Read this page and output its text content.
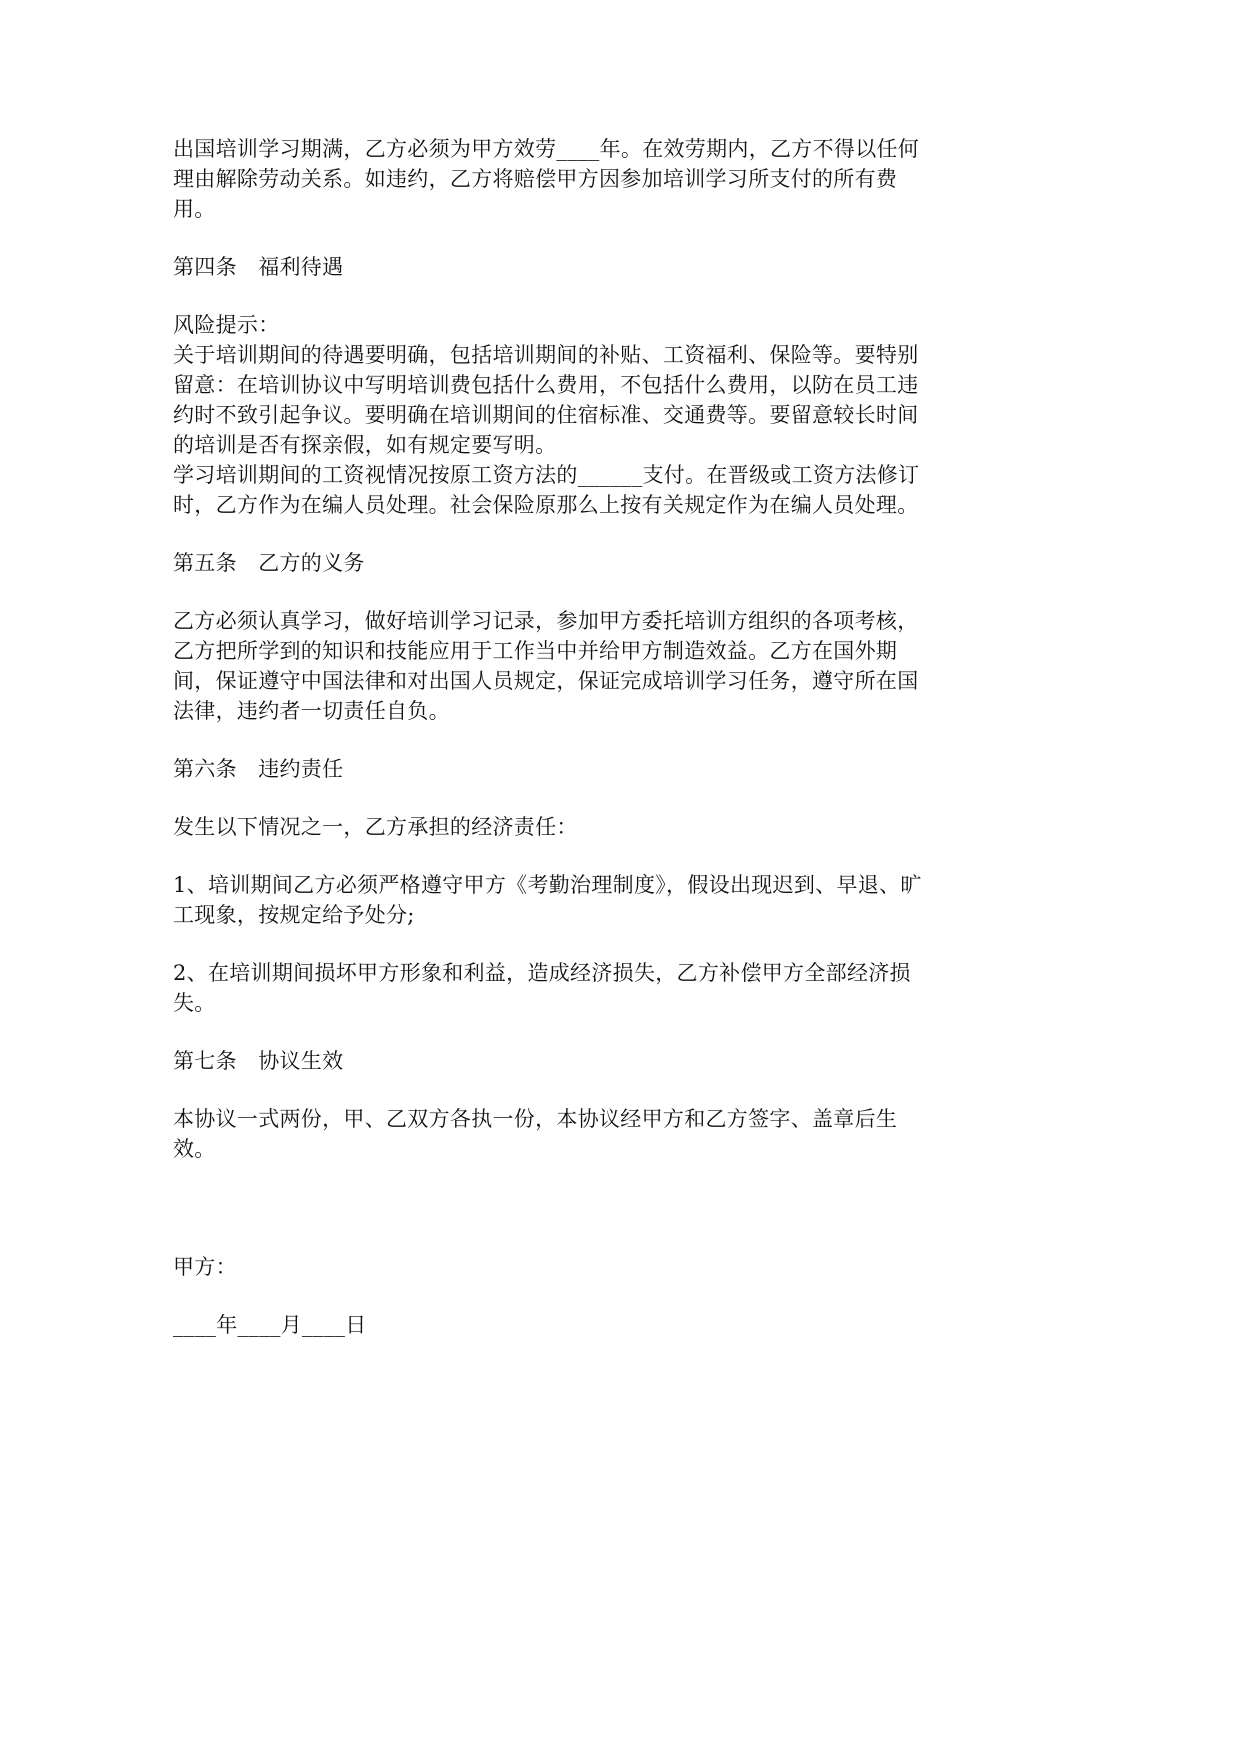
出国培训学习期满，乙方必须为甲方效劳____年。在效劳期内，乙方不得以任何理由解除劳动关系。如违约，乙方将赔偿甲方因参加培训学习所支付的所有费用。

第四条　福利待遇

风险提示：

关于培训期间的待遇要明确，包括培训期间的补贴、工资福利、保险等。要特别留意：在培训协议中写明培训费包括什么费用，不包括什么费用，以防在员工违约时不致引起争议。要明确在培训期间的住宿标准、交通费等。要留意较长时间的培训是否有探亲假，如有规定要写明。

学习培训期间的工资视情况按原工资方法的______支付。在晋级或工资方法修订时，乙方作为在编人员处理。社会保险原那么上按有关规定作为在编人员处理。

第五条　乙方的义务

乙方必须认真学习，做好培训学习记录，参加甲方委托培训方组织的各项考核，乙方把所学到的知识和技能应用于工作当中并给甲方制造效益。乙方在国外期间，保证遵守中国法律和对出国人员规定，保证完成培训学习任务，遵守所在国法律，违约者一切责任自负。

第六条　违约责任

发生以下情况之一，乙方承担的经济责任：

1、培训期间乙方必须严格遵守甲方《考勤治理制度》，假设出现迟到、早退、旷工现象，按规定给予处分;

2、在培训期间损坏甲方形象和利益，造成经济损失，乙方补偿甲方全部经济损失。

第七条　协议生效

本协议一式两份，甲、乙双方各执一份，本协议经甲方和乙方签字、盖章后生效。

甲方：

____年____月____日
